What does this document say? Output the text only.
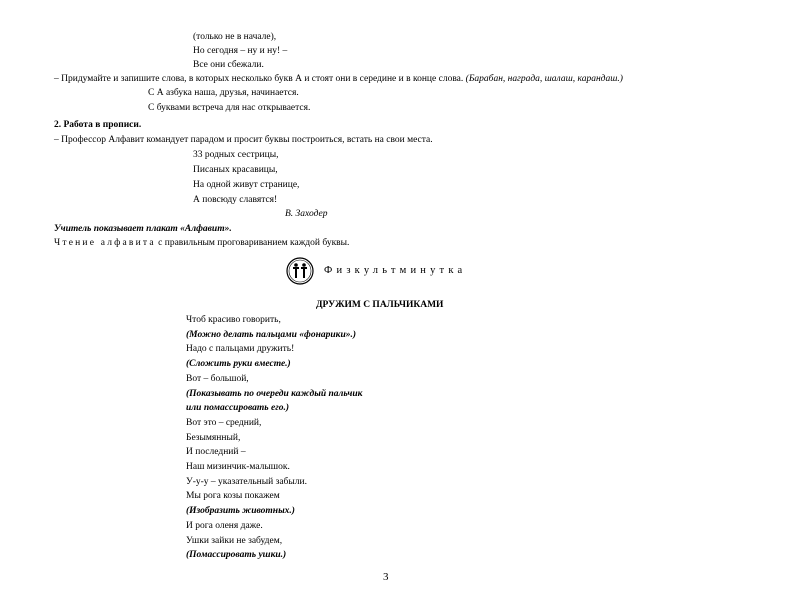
(только не в начале),
Но сегодня – ну и ну! –
Все они сбежали.
– Придумайте и запишите слова, в которых несколько букв А и стоят они в середине и в конце слова. (Барабан, награда, шалаш, карандаш.)
С А азбука наша, друзья, начинается.
С буквами встреча для нас открывается.
2. Работа в прописи.
– Профессор Алфавит командует парадом и просит буквы построиться, встать на свои места.
33 родных сестрицы,
Писаных красавицы,
На одной живут странице,
А повсюду славятся!
В. Заходер
Учитель показывает плакат «Алфавит».
Чтение алфавита с правильным проговариванием каждой буквы.
Физкультминутка
ДРУЖИМ С ПАЛЬЧИКАМИ
Чтоб красиво говорить,
(Можно делать пальцами «фонарики».)
Надо с пальцами дружить!
(Сложить руки вместе.)
Вот – большой,
(Показывать по очереди каждый пальчик
или помассировать его.)
Вот это – средний,
Безымянный,
И последний –
Наш мизинчик-малышок.
У-у-у – указательный забыли.
Мы рога козы покажем
(Изобразить животных.)
И рога оленя даже.
Ушки зайки не забудем,
(Помассировать ушки.)
3
